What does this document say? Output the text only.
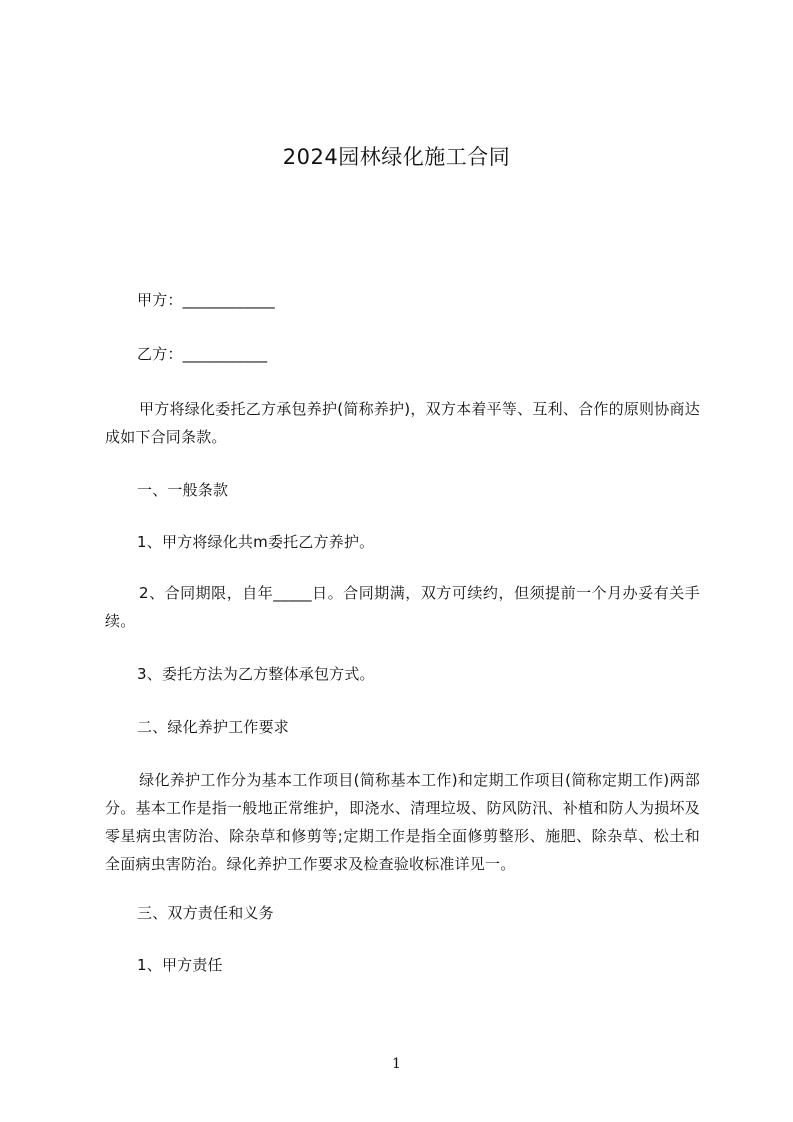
2024园林绿化施工合同
甲方：____________
乙方：___________
甲方将绿化委托乙方承包养护(简称养护)，双方本着平等、互利、合作的原则协商达成如下合同条款。
一、一般条款
1、甲方将绿化共m委托乙方养护。
2、合同期限，自年_____日。合同期满，双方可续约，但须提前一个月办妥有关手续。
3、委托方法为乙方整体承包方式。
二、绿化养护工作要求
绿化养护工作分为基本工作项目(简称基本工作)和定期工作项目(简称定期工作)两部分。基本工作是指一般地正常维护，即浇水、清理垃圾、防风防汛、补植和防人为损坏及零星病虫害防治、除杂草和修剪等;定期工作是指全面修剪整形、施肥、除杂草、松土和全面病虫害防治。绿化养护工作要求及检查验收标准详见一。
三、双方责任和义务
1、甲方责任
1
